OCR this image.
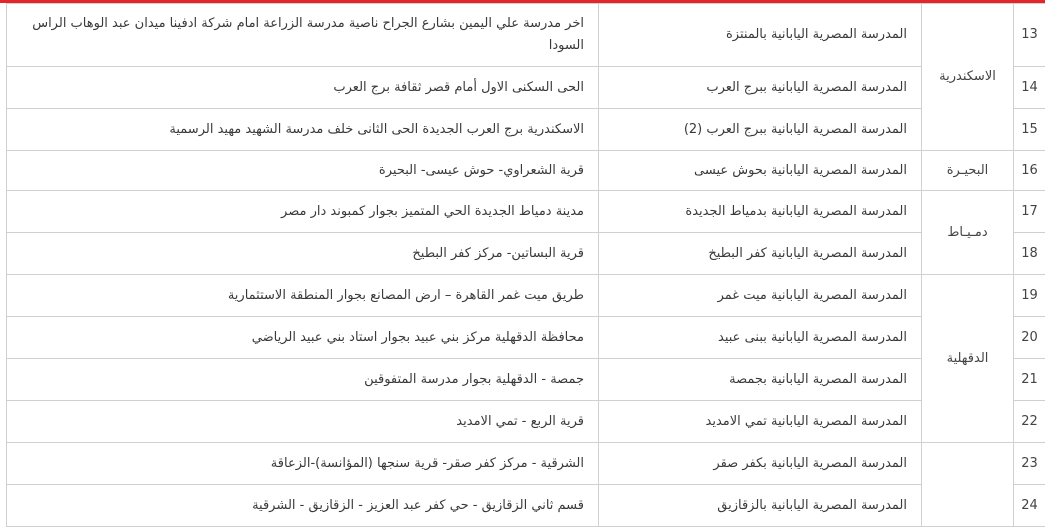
13	الاسكندرية	المدرسة المصرية اليابانية بالمنتزة	اخر مدرسة علي اليمين بشارع الجراح ناصية مدرسة الزراعة امام شركة ادفينا ميدان عبد الوهاب الراس السودا
14		المدرسة المصرية اليابانية ببرج العرب	الحى السكنى الاول أمام قصر ثقافة برج العرب
15		المدرسة المصرية اليابانية ببرج العرب (2)	الاسكندرية برج العرب الجديدة الحى الثانى خلف مدرسة الشهيد مهيد الرسمية
16	البحيـرة	المدرسة المصرية اليابانية بحوش عيسى	قرية الشعراوي- حوش عيسى- البحيرة
17	دمـيـاط	المدرسة المصرية اليابانية بدمياط الجديدة	مدينة دمياط الجديدة الحي المتميز بجوار كمبوند دار مصر
18		المدرسة المصرية اليابانية كفر البطيخ	قرية البساتين- مركز كفر البطيخ
19	الدقهلية	المدرسة المصرية اليابانية ميت غمر	طريق ميت غمر القاهرة – ارض المصانع بجوار المنطقة الاستثمارية
20		المدرسة المصرية اليابانية ببنى عبيد	محافظة الدقهلية مركز بني عبيد بجوار استاد بني عبيد الرياضي
21		المدرسة المصرية اليابانية بجمصة	جمصة - الدقهلية بجوار مدرسة المتفوقين
22		المدرسة المصرية اليابانية تمي الامديد	قرية الربع - تمي الامديد
23		المدرسة المصرية اليابانية بكفر صقر	الشرقية - مركز كفر صقر- قرية سنجها (المؤانسة)-الزعاقة
24		المدرسة المصرية اليابانية بالزقازيق	قسم ثاني الزقازيق - حي كفر عبد العزيز - الزقازيق - الشرقية
